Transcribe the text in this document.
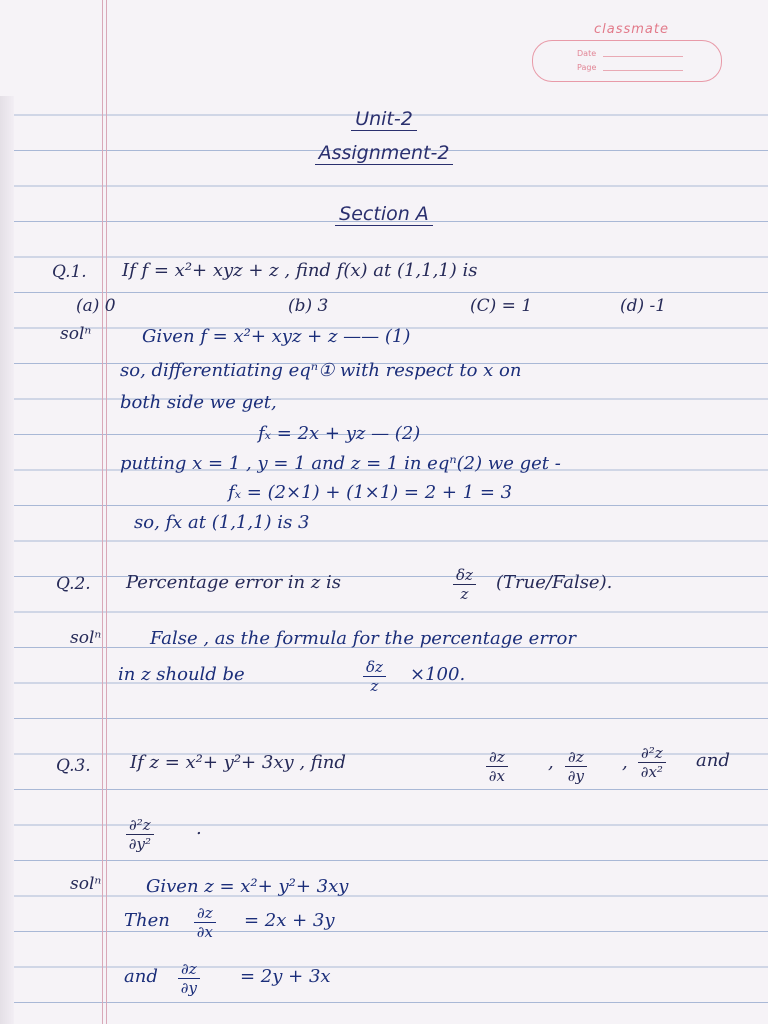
classmate
Date
Page
Unit-2
Assignment-2
Section A
Q.1. If f = x²+ xyz + z , find f(x) at (1,1,1) is
(a) 0	(b) 3	(C) = 1	(d) -1
solⁿ	Given f = x²+ xyz + z —— (1)
so, differentiating eqⁿ① with respect to x on
both side we get,
fₓ = 2x + yz — (2)
putting x = 1 , y = 1 and z = 1 in eqⁿ(2) we get -
fₓ = (2×1) + (1×1) = 2 + 1 = 3
so, fx at (1,1,1) is 3
Q.2. Percentage error in z is	$\frac{\delta z}{z}$ (True/False).
solⁿ	False , as the formula for the percentage error
in z should be	$\frac{\delta z}{z} \times 100$.
Q.3. If z = x²+ y²+ 3xy , find	$\frac{\partial z}{\partial x}$ , $\frac{\partial z}{\partial y}$ , $\frac{\text{∂²z}}{\text{∂x²}}$ and
$\frac{\text{∂²z}}{\text{∂y²}}$ .
solⁿ Given z = x²+ y²+ 3xy
Then $\frac{\partial z}{\partial x} = 2x + 3y$
and $\frac{\partial z}{\partial y} = 2y + 3x$
